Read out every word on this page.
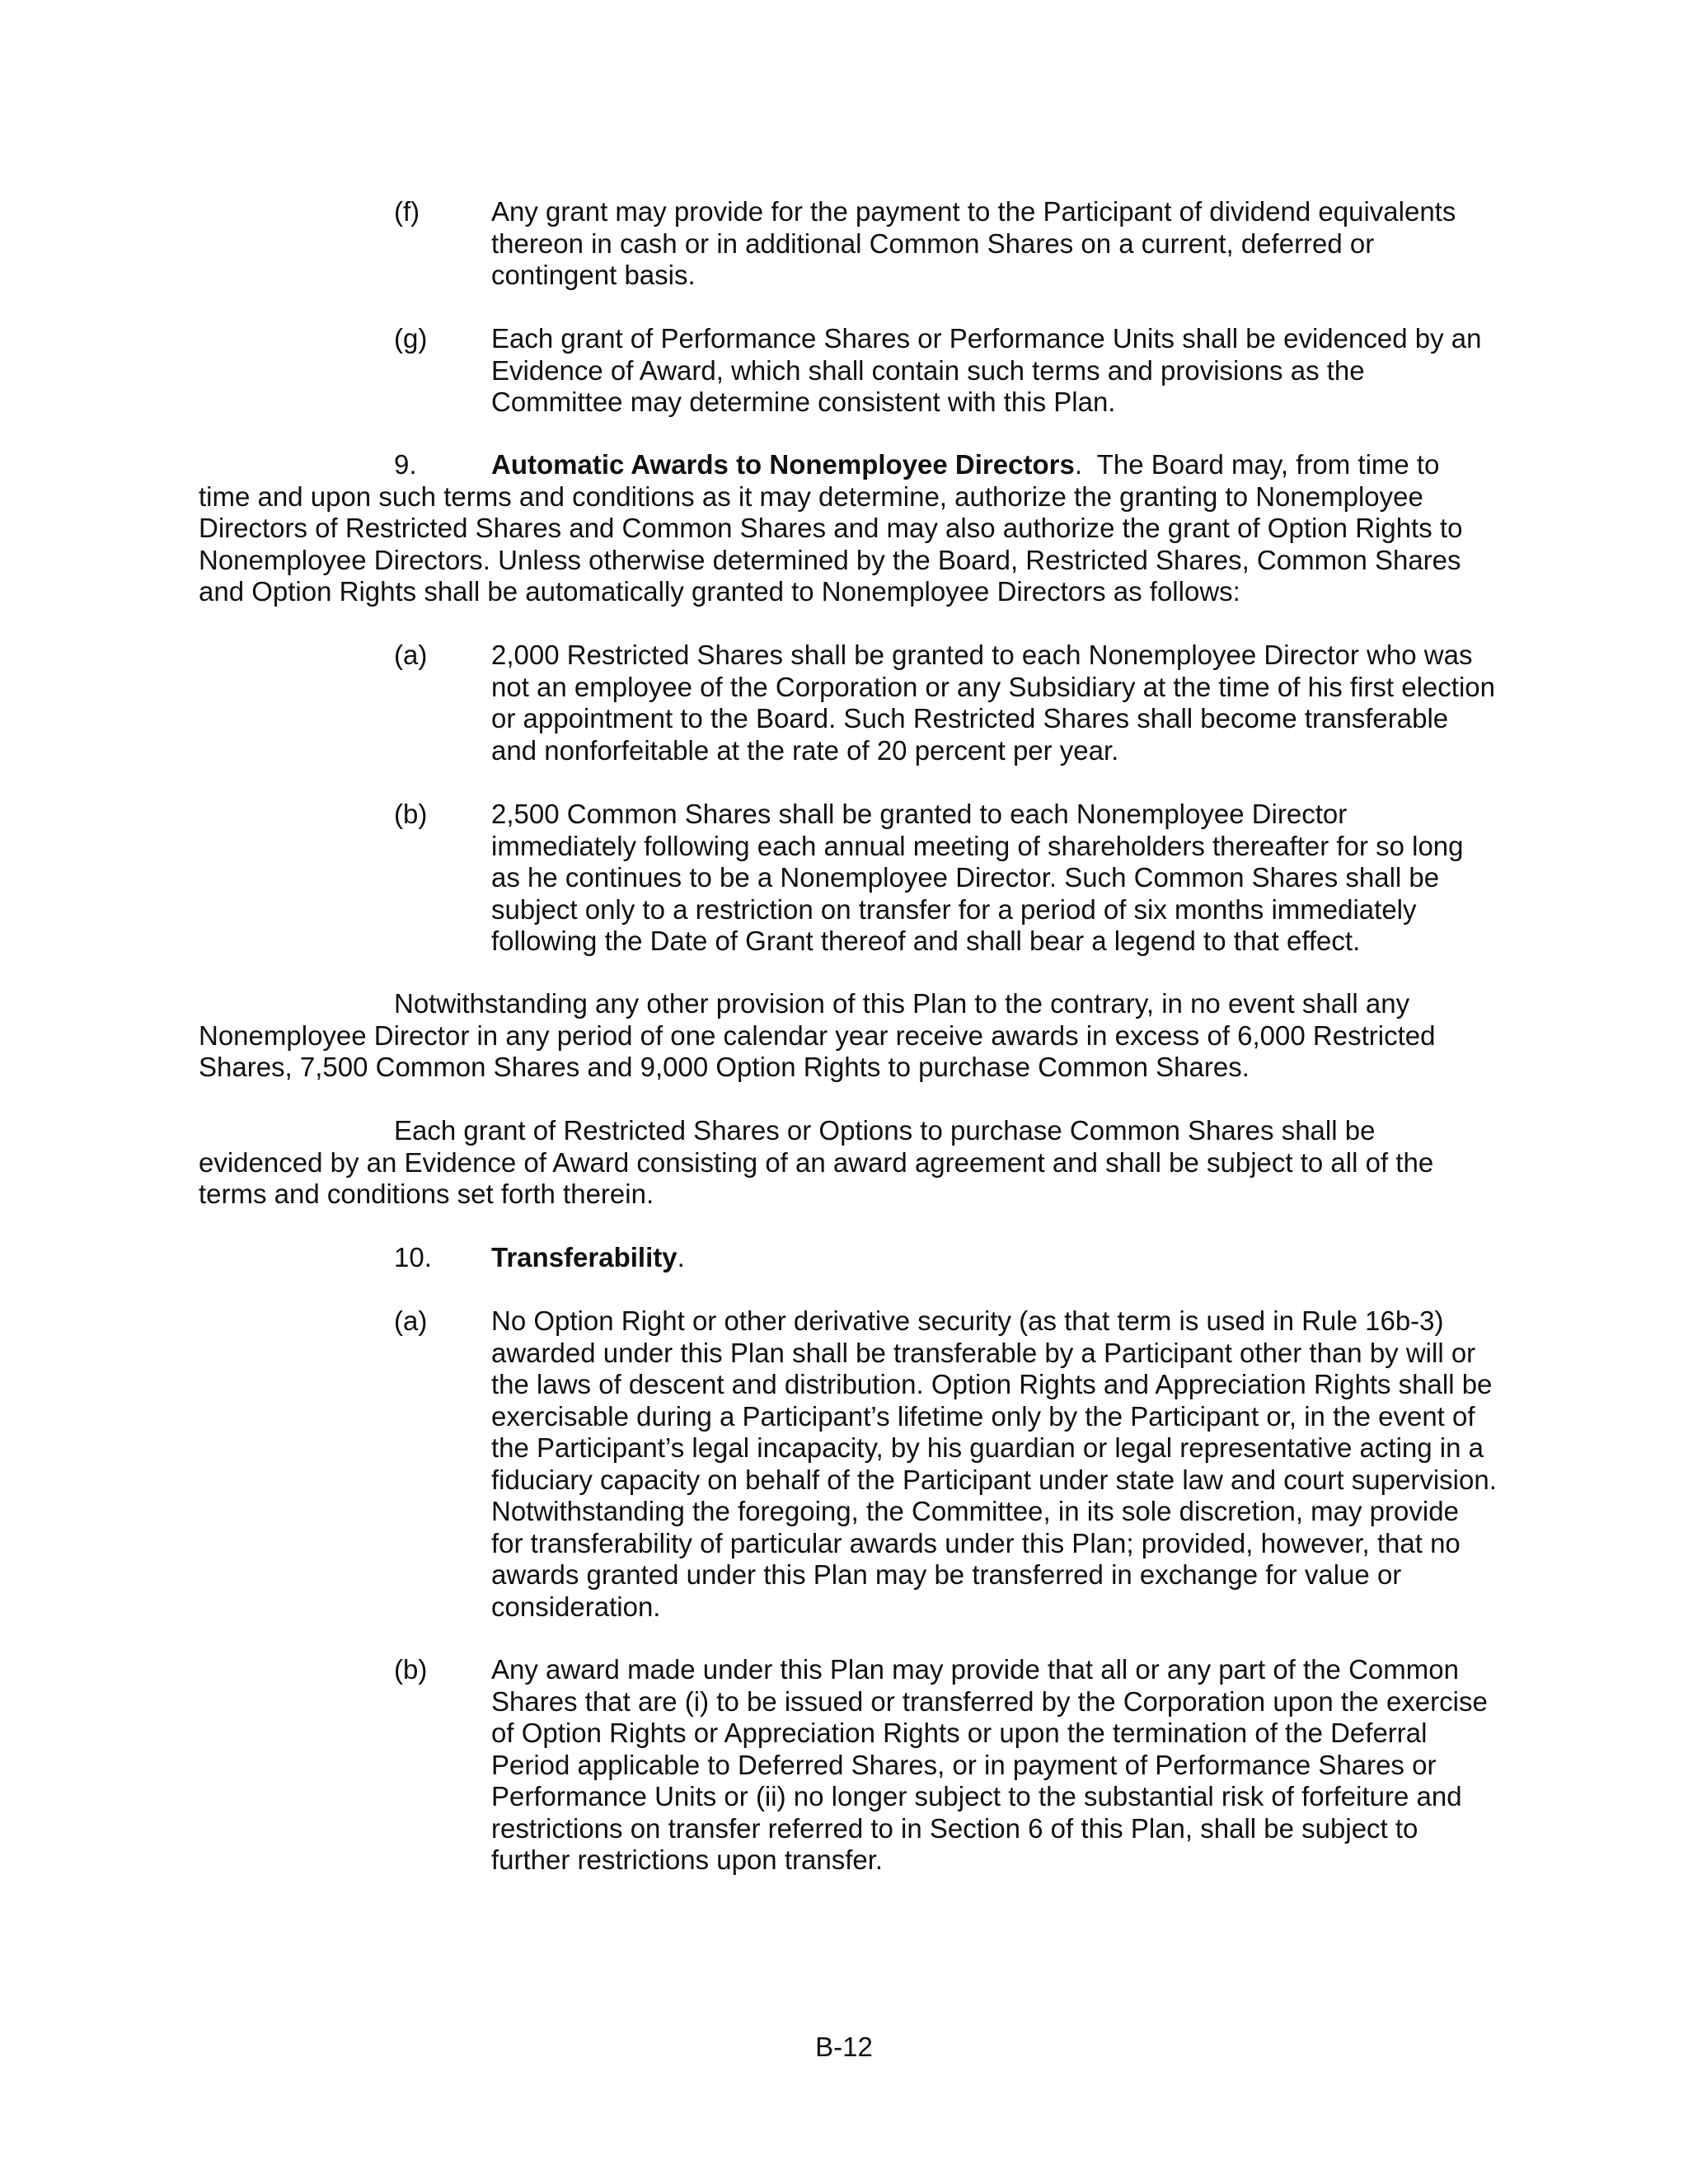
(f)	Any grant may provide for the payment to the Participant of dividend equivalents thereon in cash or in additional Common Shares on a current, deferred or contingent basis.
(g) Each grant of Performance Shares or Performance Units shall be evidenced by an Evidence of Award, which shall contain such terms and provisions as the Committee may determine consistent with this Plan.
9.	Automatic Awards to Nonemployee Directors. The Board may, from time to time and upon such terms and conditions as it may determine, authorize the granting to Nonemployee Directors of Restricted Shares and Common Shares and may also authorize the grant of Option Rights to Nonemployee Directors. Unless otherwise determined by the Board, Restricted Shares, Common Shares and Option Rights shall be automatically granted to Nonemployee Directors as follows:
(a) 2,000 Restricted Shares shall be granted to each Nonemployee Director who was not an employee of the Corporation or any Subsidiary at the time of his first election or appointment to the Board. Such Restricted Shares shall become transferable and nonforfeitable at the rate of 20 percent per year.
(b) 2,500 Common Shares shall be granted to each Nonemployee Director immediately following each annual meeting of shareholders thereafter for so long as he continues to be a Nonemployee Director. Such Common Shares shall be subject only to a restriction on transfer for a period of six months immediately following the Date of Grant thereof and shall bear a legend to that effect.
Notwithstanding any other provision of this Plan to the contrary, in no event shall any Nonemployee Director in any period of one calendar year receive awards in excess of 6,000 Restricted Shares, 7,500 Common Shares and 9,000 Option Rights to purchase Common Shares.
Each grant of Restricted Shares or Options to purchase Common Shares shall be evidenced by an Evidence of Award consisting of an award agreement and shall be subject to all of the terms and conditions set forth therein.
10. Transferability.
(a) No Option Right or other derivative security (as that term is used in Rule 16b-3) awarded under this Plan shall be transferable by a Participant other than by will or the laws of descent and distribution. Option Rights and Appreciation Rights shall be exercisable during a Participant’s lifetime only by the Participant or, in the event of the Participant’s legal incapacity, by his guardian or legal representative acting in a fiduciary capacity on behalf of the Participant under state law and court supervision. Notwithstanding the foregoing, the Committee, in its sole discretion, may provide for transferability of particular awards under this Plan; provided, however, that no awards granted under this Plan may be transferred in exchange for value or consideration.
(b) Any award made under this Plan may provide that all or any part of the Common Shares that are (i) to be issued or transferred by the Corporation upon the exercise of Option Rights or Appreciation Rights or upon the termination of the Deferral Period applicable to Deferred Shares, or in payment of Performance Shares or Performance Units or (ii) no longer subject to the substantial risk of forfeiture and restrictions on transfer referred to in Section 6 of this Plan, shall be subject to further restrictions upon transfer.
B-12
